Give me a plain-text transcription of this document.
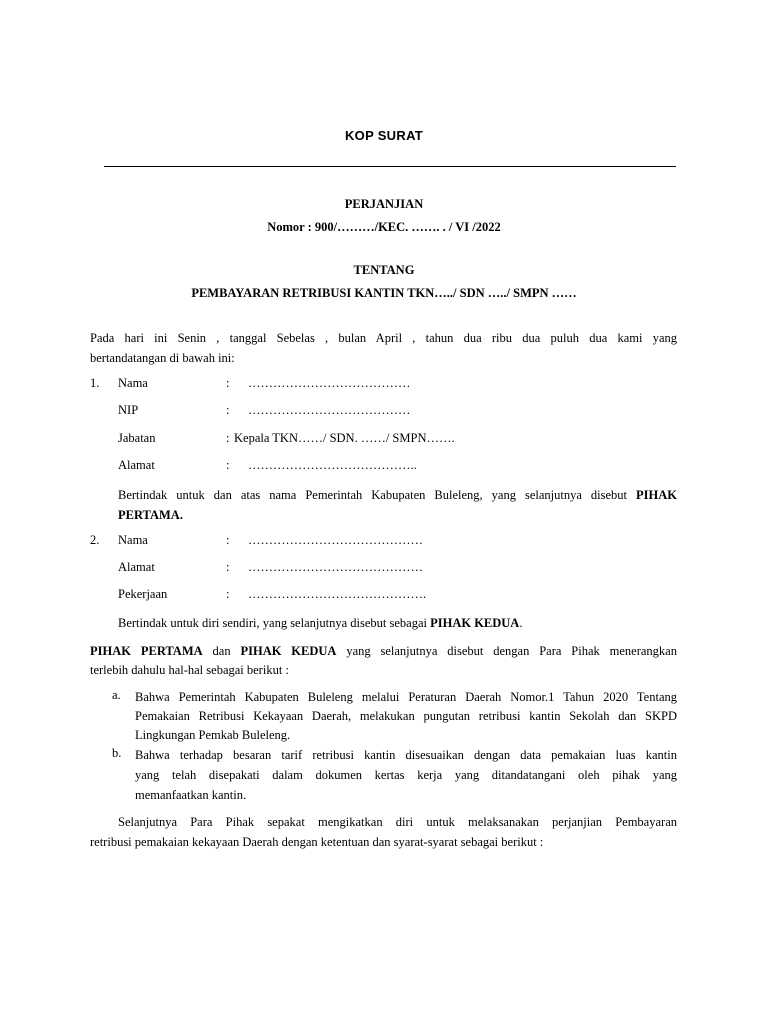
KOP SURAT
PERJANJIAN
Nomor : 900/………/KEC. ……. . / VI /2022
TENTANG
PEMBAYARAN RETRIBUSI KANTIN TKN…../ SDN …../ SMPN ……
Pada hari ini Senin , tanggal Sebelas , bulan April , tahun dua ribu dua puluh dua kami yang
bertandatangan di bawah ini:
1. Nama	: …………………………………
NIP	: …………………………………
Jabatan	: Kepala TKN……/ SDN. ……/ SMPN…….
Alamat	: …………………………………..
Bertindak untuk dan atas nama Pemerintah Kabupaten Buleleng, yang selanjutnya disebut PIHAK
PERTAMA.
2. Nama	: ……………………………………
Alamat	: ……………………………………
Pekerjaan	: …………………………………….
Bertindak untuk diri sendiri, yang selanjutnya disebut sebagai PIHAK KEDUA.
PIHAK PERTAMA dan PIHAK KEDUA yang selanjutnya disebut dengan Para Pihak menerangkan
terlebih dahulu hal-hal sebagai berikut :
a. Bahwa Pemerintah Kabupaten Buleleng melalui Peraturan Daerah Nomor.1 Tahun 2020 Tentang
Pemakaian Retribusi Kekayaan Daerah, melakukan pungutan retribusi kantin Sekolah dan SKPD
Lingkungan Pemkab Buleleng.
b. Bahwa terhadap besaran tarif retribusi kantin disesuaikan dengan data pemakaian luas kantin
yang telah disepakati dalam dokumen kertas kerja yang ditandatangani oleh pihak yang
memanfaatkan kantin.
Selanjutnya Para Pihak sepakat mengikatkan diri untuk melaksanakan perjanjian Pembayaran
retribusi pemakaian kekayaan Daerah dengan ketentuan dan syarat-syarat sebagai berikut :
